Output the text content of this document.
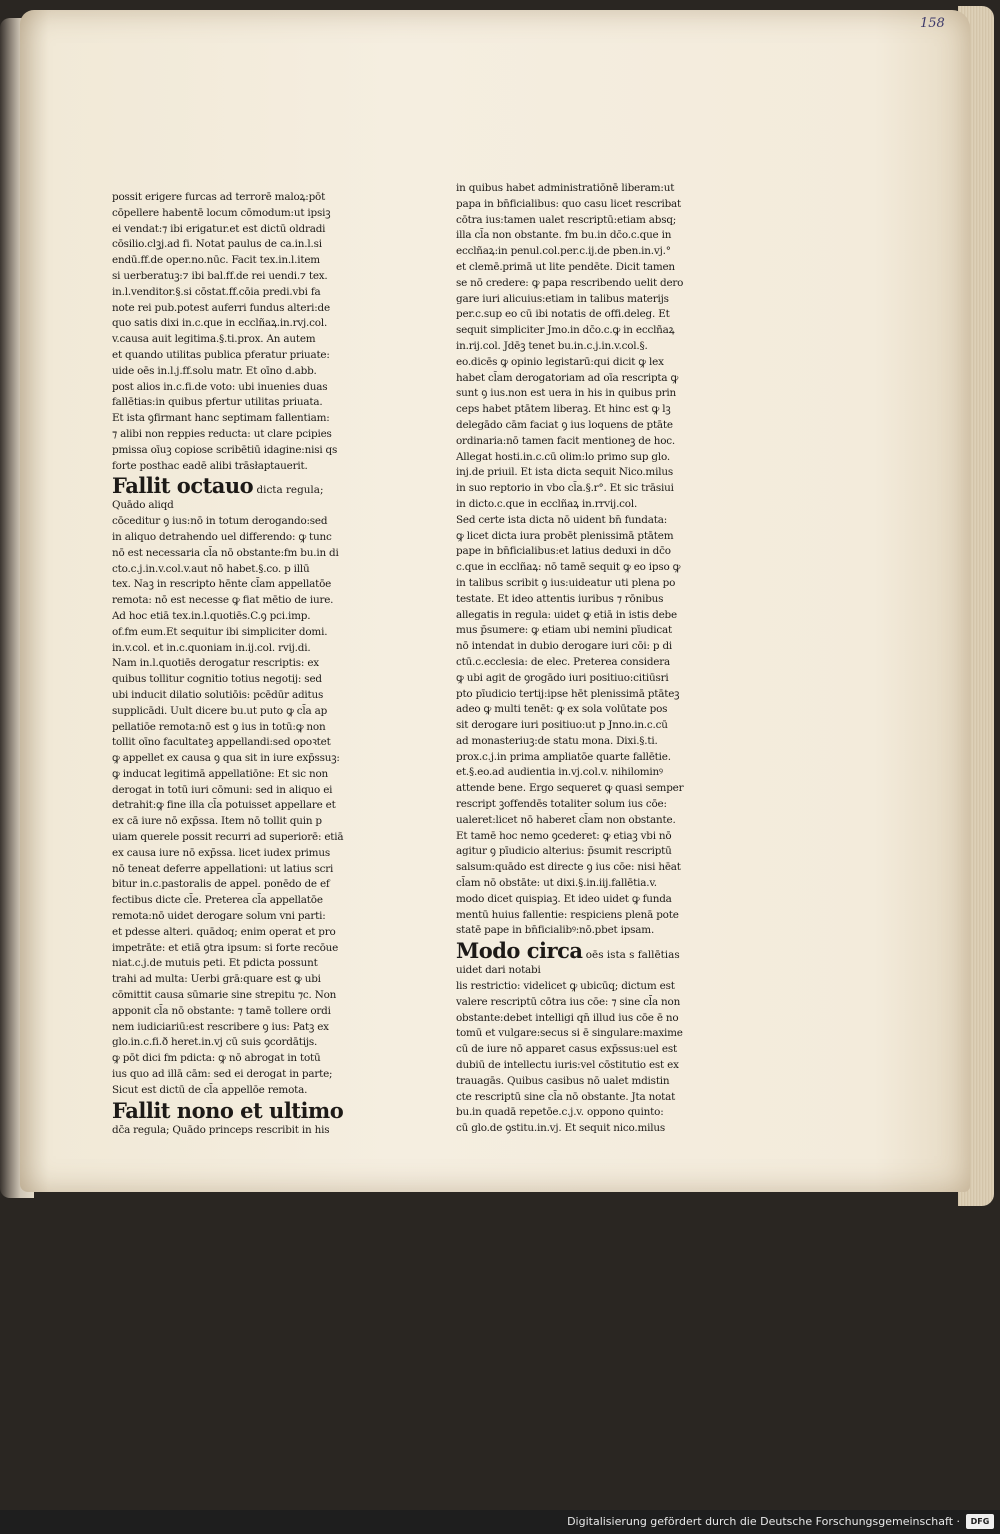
158
possit erigere furcas ad terrorē maloꝝ:pōt
cōpellere habentē locum cōmodum:ut ipsiꝫ
ei vendat:⁊ ibi erigatur.et est dictū oldradi
cōsilio.clꝫj.ad fi. Notat paulus de ca.in.l.si
endū.ff.de oper.no.nūc. Facit tex.in.l.item
si uerberatuꝫ:⁊ ibi bal.ff.de rei uendi.⁊ tex.
in.l.venditor.§.si cōstat.ff.cōia predi.vbi fa
note rei pub.potest auferri fundus alteri:de
quo satis dixi in.c.que in ecclñaꝝ.in.rvj.col.
v.causa auit legitima.§.ti.prox. An autem
et quando utilitas publica pferatur priuate:
uide oēs in.l.j.ff.solu matr. Et oīno d.abb.
post alios in.c.fi.de voto: ubi inuenies duas
fallētias:in quibus pfertur utilitas priuata.
Et ista ꝯfirmant hanc septimam fallentiam:
⁊ alibi non reppies reducta: ut clare pcipies
pmissa oīuꝫ copiose scribētiū idagine:nisi qs
forte posthac eadē alibi trāsłaptauerit.
Fallit octauo dicta regula;
Quādo aliqd
cōceditur ꝯ ius:nō in totum derogando:sed
in aliquo detrahendo uel differendo: ꝙ tunc
nō est necessaria cl̄a nō obstante:fm bu.in di
cto.c.j.in.v.col.v.aut nō habet.§.co. p illū
tex. Naꝫ in rescripto hēnte cl̄am appellatōe
remota: nō est necesse ꝙ fiat mētio de iure.
Ad hoc etiā tex.in.l.quotiēs.C.ꝯ pci.imp.
of.fm eum.Et sequitur ibi simpliciter domi.
in.v.col. et in.c.quoniam in.ij.col. rvij.di.
Nam in.l.quotiēs derogatur rescriptis: ex
quibus tollitur cognitio totius negotij: sed
ubi inducit dilatio solutiōis: pcēdūr aditus
supplicādi. Uult dicere bu.ut puto ꝙ cl̄a ap
pellatiōe remota:nō est ꝯ ius in totū:ꝙ non
tollit oīno facultateꝫ appellandi:sed opoꝛtet
ꝙ appellet ex causa ꝯ qua sit in iure exp̄ssuꝫ:
ꝙ inducat legitimā appellatiōne: Et sic non
derogat in totū iuri cōmuni: sed in aliquo ei
detrahit:ꝙ fine illa cl̄a potuisset appellare et
ex cā iure nō exp̄ssa. Item nō tollit quin p
uiam querele possit recurri ad superiorē: etiā
ex causa iure nō exp̄ssa. licet iudex primus
nō teneat deferre appellationi: ut latius scri
bitur in.c.pastoralis de appel. ponēdo de ef
fectibus dicte cl̄e. Preterea cl̄a appellatōe
remota:nō uidet derogare solum vni parti:
et pdesse alteri. quādoq; enim operat et pro
impetrāte: et etiā ꝯtra ipsum: si forte recōue
niat.c.j.de mutuis peti. Et pdicta possunt
trahi ad multa: Uerbi grā:quare est ꝙ ubi
cōmittit causa sūmarie sine strepitu ⁊c. Non
apponit cl̄a nō obstante: ⁊ tamē tollere ordi
nem iudiciariū:est rescribere ꝯ ius: Patꝫ ex
glo.in.c.fi.ð heret.in.vj cū suis ꝯcordātijs.
ꝙ pōt dici fm pdicta: ꝙ nō abrogat in totū
ius quo ad illā cām: sed ei derogat in parte;
Sicut est dictū de cl̄a appellōe remota.
Fallit nono et ultimo
dc̄a regula; Quādo princeps rescribit in his
in quibus habet administratiōnē liberam:ut
papa in bn̄ficialibus: quo casu licet rescribat
cōtra ius:tamen ualet rescriptū:etiam absq;
illa cl̄a non obstante. fm bu.in dc̄o.c.que in
ecclñaꝝ:in penul.col.per.c.ij.de pben.in.vj.°
et clemē.primā ut lite pendēte. Dicit tamen
se nō credere: ꝙ papa rescribendo uelit dero
gare iuri alicuius:etiam in talibus materijs
per.c.sup eo cū ibi notatis de offi.deleg. Et
sequit simpliciter Jmo.in dc̄o.c.ꝙ in ecclñaꝝ
in.rij.col. Jdēꝫ tenet bu.in.c.j.in.v.col.§.
eo.dicēs ꝙ opinio legistarū:qui dicit ꝙ lex
habet cl̄am derogatoriam ad oīa rescripta ꝙ
sunt ꝯ ius.non est uera in his in quibus prin
ceps habet ptātem liberaꝫ. Et hinc est ꝙ lꝫ
delegādo cām faciat ꝯ ius loquens de ptāte
ordinaria:nō tamen facit mentioneꝫ de hoc.
Allegat hosti.in.c.cū olim:lo primo sup glo.
inj.de priuil. Et ista dicta sequit Nico.milus
in suo reptorio in vbo cl̄a.§.r°. Et sic trāsiui
in dicto.c.que in ecclñaꝝ in.rrvij.col.
Sed certe ista dicta nō uident bn̄ fundata:
ꝙ licet dicta iura probēt plenissimā ptātem
pape in bn̄ficialibus:et latius deduxi in dc̄o
c.que in ecclñaꝝ: nō tamē sequit ꝙ eo ipso ꝙ
in talibus scribit ꝯ ius:uideatur uti plena po
testate. Et ideo attentis iuribus ⁊ rōnibus
allegatis in regula: uidet ꝙ etiā in istis debe
mus p̄sumere: ꝙ etiam ubi nemini pīudicat
nō intendat in dubio derogare iuri cōi: p di
ctū.c.ecclesia: de elec. Preterea considera
ꝙ ubi agit de ꝯrogādo iuri positiuo:citiūsri
pto pīudicio tertij:ipse hēt plenissimā ptāteꝫ
adeo ꝙ multi tenēt: ꝙ ex sola volūtate pos
sit derogare iuri positiuo:ut p Jnno.in.c.cū
ad monasteriuꝫ:de statu mona. Dixi.§.ti.
prox.c.j.in prima ampliatōe quarte fallētie.
et.§.eo.ad audientia in.vj.col.v. nihilominꝰ
attende bene. Ergo sequeret ꝙ quasi semper
rescript ꝫoffendēs totaliter solum ius cōe:
ualeret:licet nō haberet cl̄am non obstante.
Et tamē hoc nemo ꝯcederet: ꝙ etiaꝫ vbi nō
agitur ꝯ pīudicio alterius: p̄sumit rescriptū
salsum:quādo est directe ꝯ ius cōe: nisi hēat
cl̄am nō obstāte: ut dixi.§.in.iij.fallētia.v.
modo dicet quispiaꝫ. Et ideo uidet ꝙ funda
mentū huius fallentie: respiciens plenā pote
statē pape in bn̄ficialibꝰ:nō.pbet ipsam.
Modo circa oēs ista s fallētias
uidet dari notabi
lis restrictio: videlicet ꝙ ubicūq; dictum est
valere rescriptū cōtra ius cōe: ⁊ sine cl̄a non
obstante:debet intelligi qn̄ illud ius cōe ē no
tomū et vulgare:secus si ē singulare:maxime
cū de iure nō apparet casus exp̄ssus:uel est
dubiū de intellectu iuris:vel cōstitutio est ex
trauagās. Quibus casibus nō ualet mdistin
cte rescriptū sine cl̄a nō obstante. Jta notat
bu.in quadā repetōe.c.j.v. oppono quinto:
cū glo.de ꝯstitu.in.vj. Et sequit nico.milus
Digitalisierung gefördert durch die Deutsche Forschungsgemeinschaft ·	DFG
